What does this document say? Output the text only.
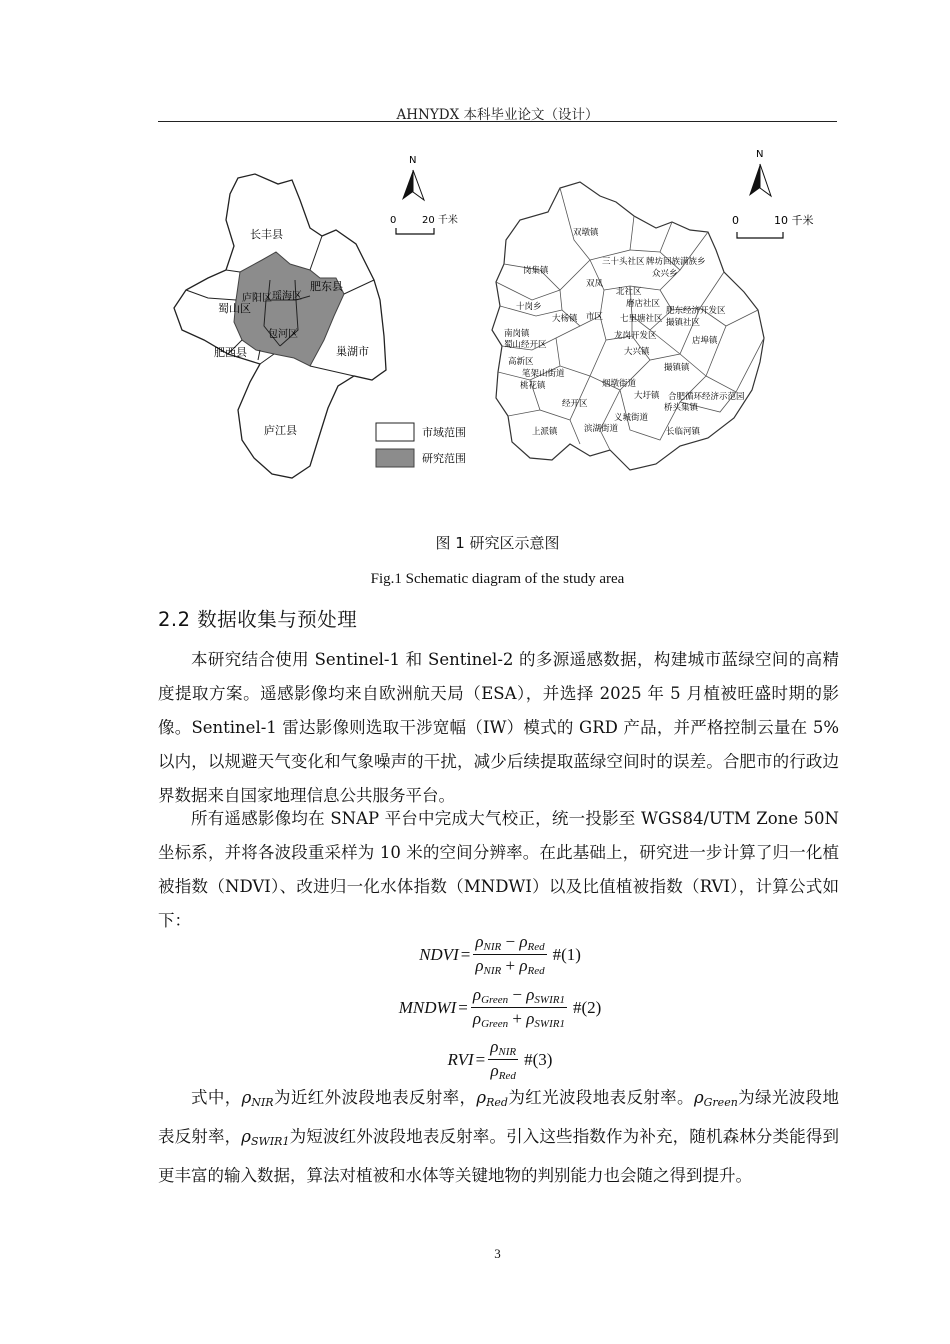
AHNYDX 本科毕业论文（设计）
长丰县
肥东县
庐阳区 瑶海区
蜀山区
包河区
肥西县	巢湖市
庐江县
N
0	20 千米
市域范围
研究范围
双墩镇
岗集镇
三十头社区 牌坊回族满族乡
众兴乡
双凤
北社区
十岗乡
大杨镇 市区 七里塘社区
磨店社区
肥东经济开发区
撮镇社区
南岗镇
蜀山经开区
龙岗开发区	店埠镇
高新区
大兴镇
笔架山街道
桃花镇	烟墩街道
撮镇镇
经开区
大圩镇 合肥循环经济示范园
桥头集镇
上派镇
义城街道
滨湖街道	长临河镇
N
0	10 千米
图 1 研究区示意图
Fig.1 Schematic diagram of the study area
2.2 数据收集与预处理
本研究结合使用 Sentinel-1 和 Sentinel-2 的多源遥感数据，构建城市蓝绿空间的高精度提取方案。遥感影像均来自欧洲航天局（ESA），并选择 2025 年 5 月植被旺盛时期的影像。Sentinel-1 雷达影像则选取干涉宽幅（IW）模式的 GRD 产品，并严格控制云量在 5%以内，以规避天气变化和气象噪声的干扰，减少后续提取蓝绿空间时的误差。合肥市的行政边界数据来自国家地理信息公共服务平台。
所有遥感影像均在 SNAP 平台中完成大气校正，统一投影至 WGS84/UTM Zone 50N 坐标系，并将各波段重采样为 10 米的空间分辨率。在此基础上，研究进一步计算了归一化植被指数（NDVI）、改进归一化水体指数（MNDWI）以及比值植被指数（RVI），计算公式如下：
NDVI = $\frac{\rho_{NIR} - \rho_{Red}}{\rho_{NIR} + \rho_{Red}}$ #(1)
MNDWI = $\frac{\rho_{Green} - \rho_{SWIR1}}{\rho_{Green} + \rho_{SWIR1}}$ #(2)
RVI = $\frac{\rho_{NIR}}{\rho_{Red}}$ #(3)
式中，$\rho_{NIR}$为近红外波段地表反射率，$\rho_{Red}$为红光波段地表反射率。$\rho_{Green}$为绿光波段地表反射率，$\rho_{SWIR1}$为短波红外波段地表反射率。引入这些指数作为补充，随机森林分类能得到更丰富的输入数据，算法对植被和水体等关键地物的判别能力也会随之得到提升。
3
